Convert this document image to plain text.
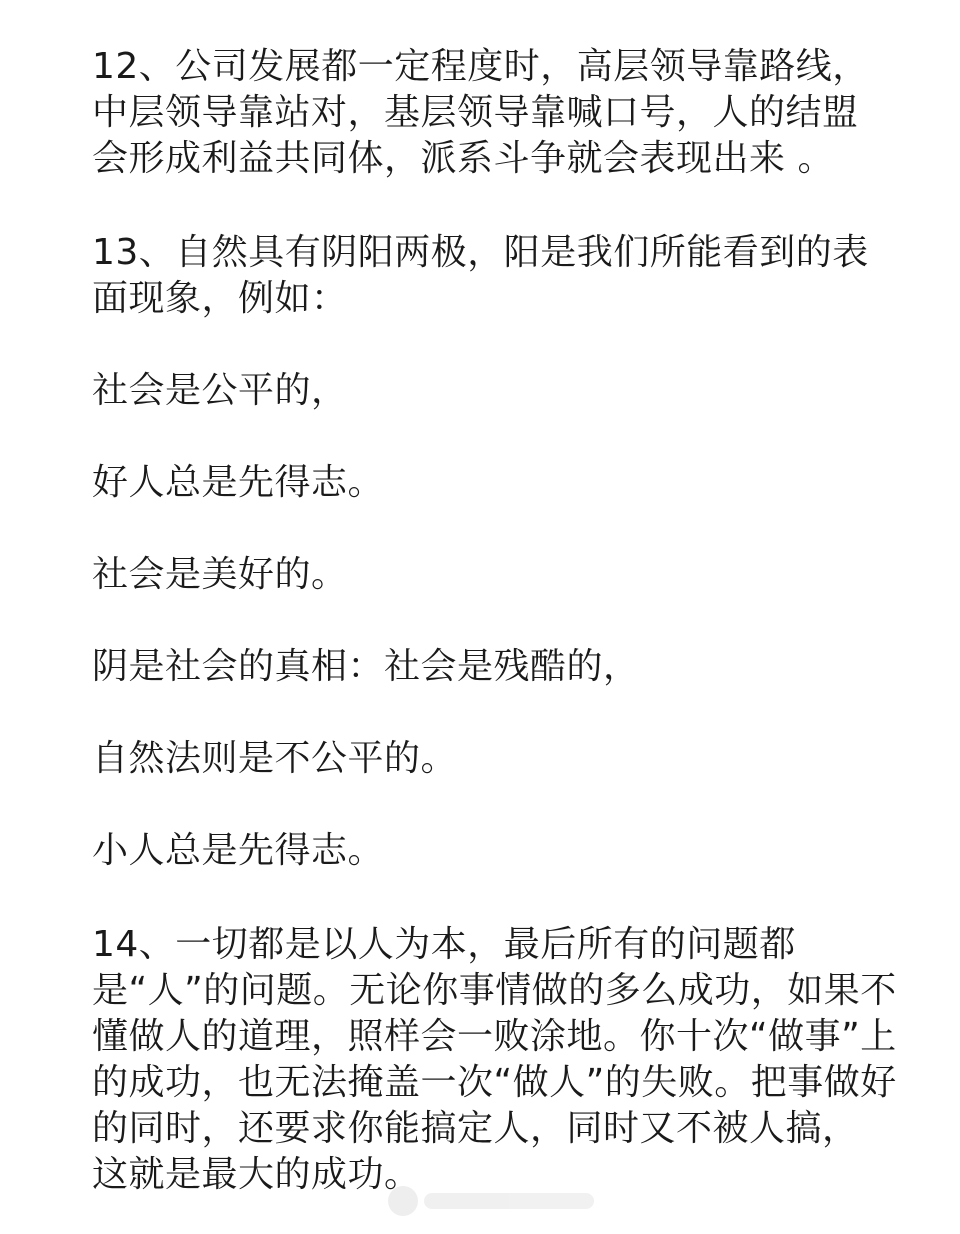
12、公司发展都一定程度时，高层领导靠路线，
中层领导靠站对，基层领导靠喊口号，人的结盟
会形成利益共同体，派系斗争就会表现出来 。

13、自然具有阴阳两极，阳是我们所能看到的表
面现象，例如：

社会是公平的，

好人总是先得志。

社会是美好的。

阴是社会的真相：社会是残酷的，

自然法则是不公平的。

小人总是先得志。

14、一切都是以人为本，最后所有的问题都
是“人”的问题。无论你事情做的多么成功，如果不
懂做人的道理，照样会一败涂地。你十次“做事”上
的成功，也无法掩盖一次“做人”的失败。把事做好
的同时，还要求你能搞定人，同时又不被人搞，
这就是最大的成功。
